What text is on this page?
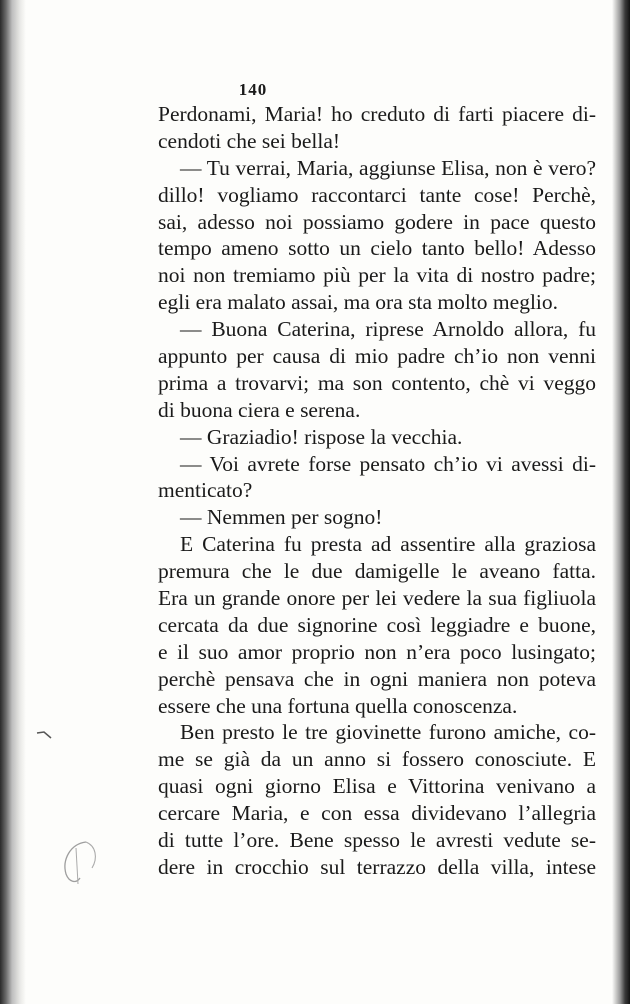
140
Perdonami, Maria! ho creduto di farti piacere di-
cendoti che sei bella!
— Tu verrai, Maria, aggiunse Elisa, non è vero?
dillo! vogliamo raccontarci tante cose! Perchè,
sai, adesso noi possiamo godere in pace questo
tempo ameno sotto un cielo tanto bello! Adesso
noi non tremiamo più per la vita di nostro padre;
egli era malato assai, ma ora sta molto meglio.
— Buona Caterina, riprese Arnoldo allora, fu
appunto per causa di mio padre ch’io non venni
prima a trovarvi; ma son contento, chè vi veggo
di buona ciera e serena.
— Graziadio! rispose la vecchia.
— Voi avrete forse pensato ch’io vi avessi di-
menticato?
— Nemmen per sogno!
E Caterina fu presta ad assentire alla graziosa
premura che le due damigelle le aveano fatta.
Era un grande onore per lei vedere la sua figliuola
cercata da due signorine così leggiadre e buone,
e il suo amor proprio non n’era poco lusingato;
perchè pensava che in ogni maniera non poteva
essere che una fortuna quella conoscenza.
Ben presto le tre giovinette furono amiche, co-
me se già da un anno si fossero conosciute. E
quasi ogni giorno Elisa e Vittorina venivano a
cercare Maria, e con essa dividevano l’allegria
di tutte l’ore. Bene spesso le avresti vedute se-
dere in crocchio sul terrazzo della villa, intese
